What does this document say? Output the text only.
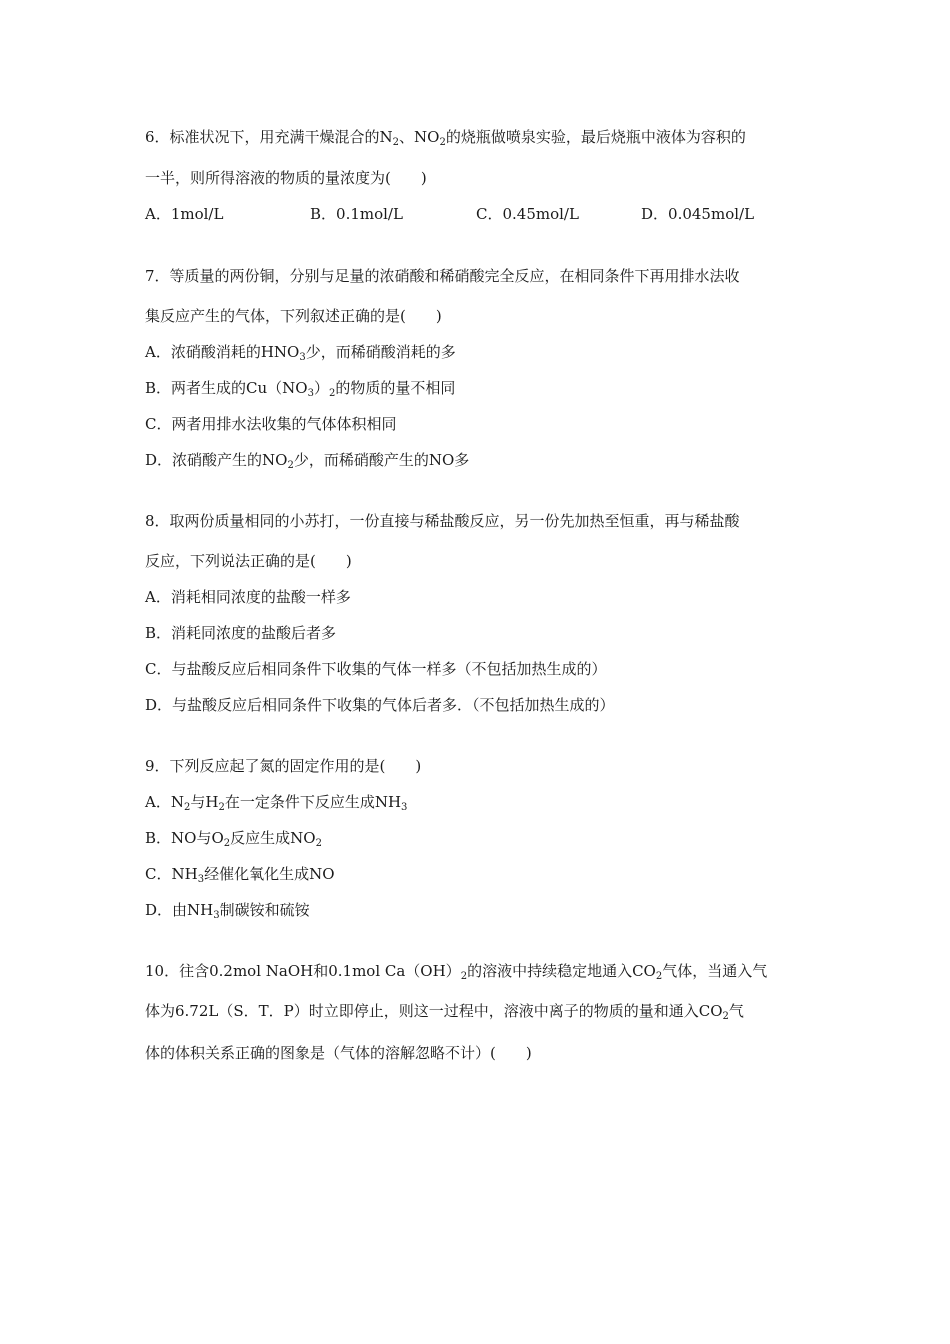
6．标准状况下，用充满干燥混合的$N_2$、$NO_2$的烧瓶做喷泉实验，最后烧瓶中液体为容积的
一半，则所得溶液的物质的量浓度为(　　)
A．1mol/L	B．0.1mol/L	C．0.45mol/L	D．0.045mol/L
7．等质量的两份铜，分别与足量的浓硝酸和稀硝酸完全反应，在相同条件下再用排水法收
集反应产生的气体，下列叙述正确的是(　　)
A．浓硝酸消耗的$HNO_3$少，而稀硝酸消耗的多
B．两者生成的$Cu(NO_3)_2$的物质的量不相同
C．两者用排水法收集的气体体积相同
D．浓硝酸产生的$NO_2$少，而稀硝酸产生的NO多
8．取两份质量相同的小苏打，一份直接与稀盐酸反应，另一份先加热至恒重，再与稀盐酸
反应，下列说法正确的是(　　)
A．消耗相同浓度的盐酸一样多
B．消耗同浓度的盐酸后者多
C．与盐酸反应后相同条件下收集的气体一样多（不包括加热生成的）
D．与盐酸反应后相同条件下收集的气体后者多．（不包括加热生成的）
9．下列反应起了氮的固定作用的是(　　)
A．$N_2$与$H_2$在一定条件下反应生成$NH_3$
B．NO与$O_2$反应生成$NO_2$
C．$NH_3$经催化氧化生成NO
D．由$NH_3$制碳铵和硫铵
10．往含0.2mol NaOH和0.1mol $Ca(OH)_2$的溶液中持续稳定地通入$CO_2$气体，当通入气
体为6.72L（S．T．P）时立即停止，则这一过程中，溶液中离子的物质的量和通入$CO_2$气
体的体积关系正确的图象是（气体的溶解忽略不计）(　　)
